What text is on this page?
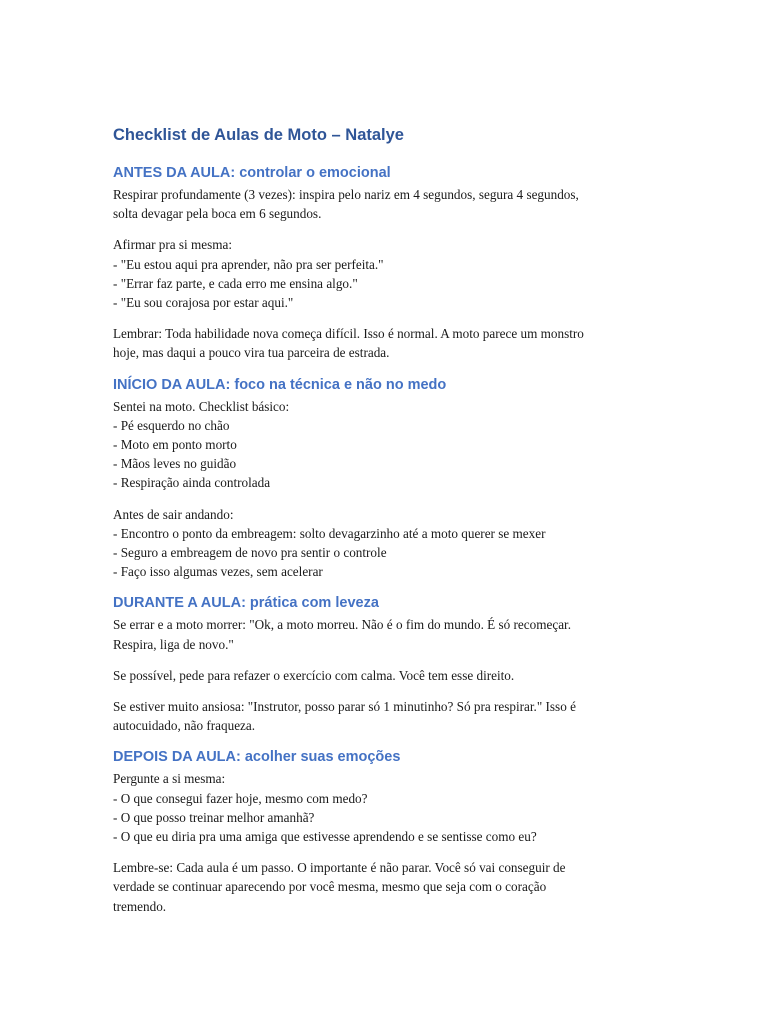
Checklist de Aulas de Moto – Natalye
ANTES DA AULA: controlar o emocional
Respirar profundamente (3 vezes): inspira pelo nariz em 4 segundos, segura 4 segundos,
solta devagar pela boca em 6 segundos.
Afirmar pra si mesma:
- "Eu estou aqui pra aprender, não pra ser perfeita."
- "Errar faz parte, e cada erro me ensina algo."
- "Eu sou corajosa por estar aqui."
Lembrar: Toda habilidade nova começa difícil. Isso é normal. A moto parece um monstro
hoje, mas daqui a pouco vira tua parceira de estrada.
INÍCIO DA AULA: foco na técnica e não no medo
Sentei na moto. Checklist básico:
- Pé esquerdo no chão
- Moto em ponto morto
- Mãos leves no guidão
- Respiração ainda controlada
Antes de sair andando:
- Encontro o ponto da embreagem: solto devagarzinho até a moto querer se mexer
- Seguro a embreagem de novo pra sentir o controle
- Faço isso algumas vezes, sem acelerar
DURANTE A AULA: prática com leveza
Se errar e a moto morrer: "Ok, a moto morreu. Não é o fim do mundo. É só recomeçar.
Respira, liga de novo."
Se possível, pede para refazer o exercício com calma. Você tem esse direito.
Se estiver muito ansiosa: "Instrutor, posso parar só 1 minutinho? Só pra respirar." Isso é
autocuidado, não fraqueza.
DEPOIS DA AULA: acolher suas emoções
Pergunte a si mesma:
- O que consegui fazer hoje, mesmo com medo?
- O que posso treinar melhor amanhã?
- O que eu diria pra uma amiga que estivesse aprendendo e se sentisse como eu?
Lembre-se: Cada aula é um passo. O importante é não parar. Você só vai conseguir de
verdade se continuar aparecendo por você mesma, mesmo que seja com o coração
tremendo.
